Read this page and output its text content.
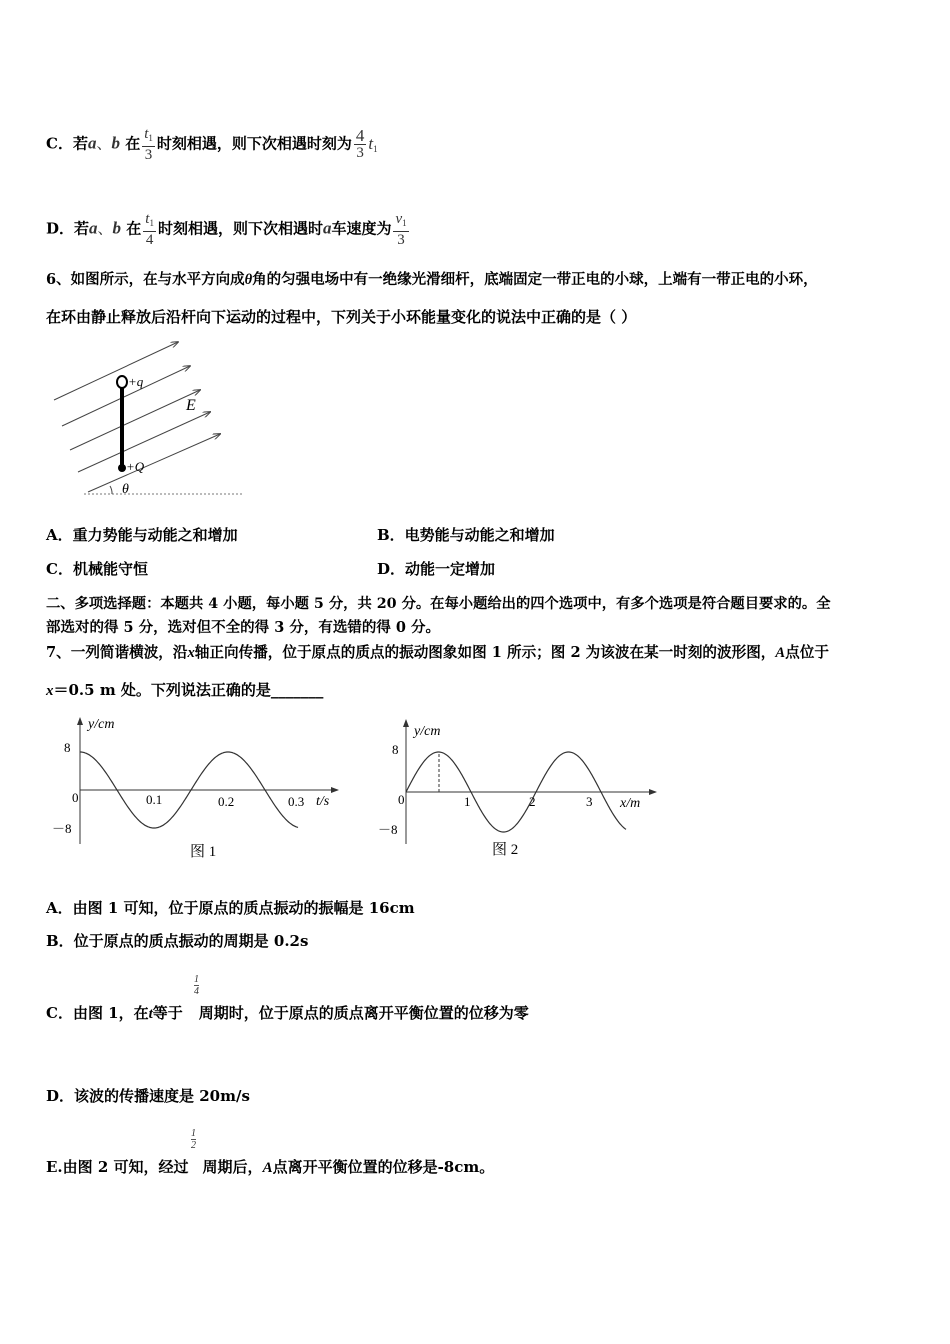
C．若a、b 在 $\frac{t_1}{3}$ 时刻相遇，则下次相遇时刻为 $\frac{4}{3} t_1$
D．若a、b 在 $\frac{t_1}{4}$ 时刻相遇，则下次相遇时a车速度为 $\frac{v_1}{3}$
6、如图所示，在与水平方向成θ角的匀强电场中有一绝缘光滑细杆，底端固定一带正电的小球，上端有一带正电的小环，
在环由静止释放后沿杆向下运动的过程中，下列关于小环能量变化的说法中正确的是（ ）
+q
+Q
E
θ
A．重力势能与动能之和增加	B．电势能与动能之和增加
C．机械能守恒	D．动能一定增加
二、多项选择题：本题共 4 小题，每小题 5 分，共 20 分。在每小题给出的四个选项中，有多个选项是符合题目要求的。全
部选对的得 5 分，选对但不全的得 3 分，有选错的得 0 分。
7、一列简谐横波，沿x轴正向传播，位于原点的质点的振动图象如图 1 所示；图 2 为该波在某一时刻的波形图，A点位于
x＝0.5 m 处。下列说法正确的是_______
y/cm
8
－8
0	0.1	0.2	0.3 t/s
图 1
y/cm
8
－8
0	1	2	3 x/m
图 2
A．由图 1 可知，位于原点的质点振动的振幅是 16cm
B．位于原点的质点振动的周期是 0.2s
$\frac{1}{4}$
C．由图 1，在t等于 周期时，位于原点的质点离开平衡位置的位移为零
D．该波的传播速度是 20m/s
$\frac{1}{2}$
E.由图 2 可知，经过 周期后，A点离开平衡位置的位移是-8cm。
